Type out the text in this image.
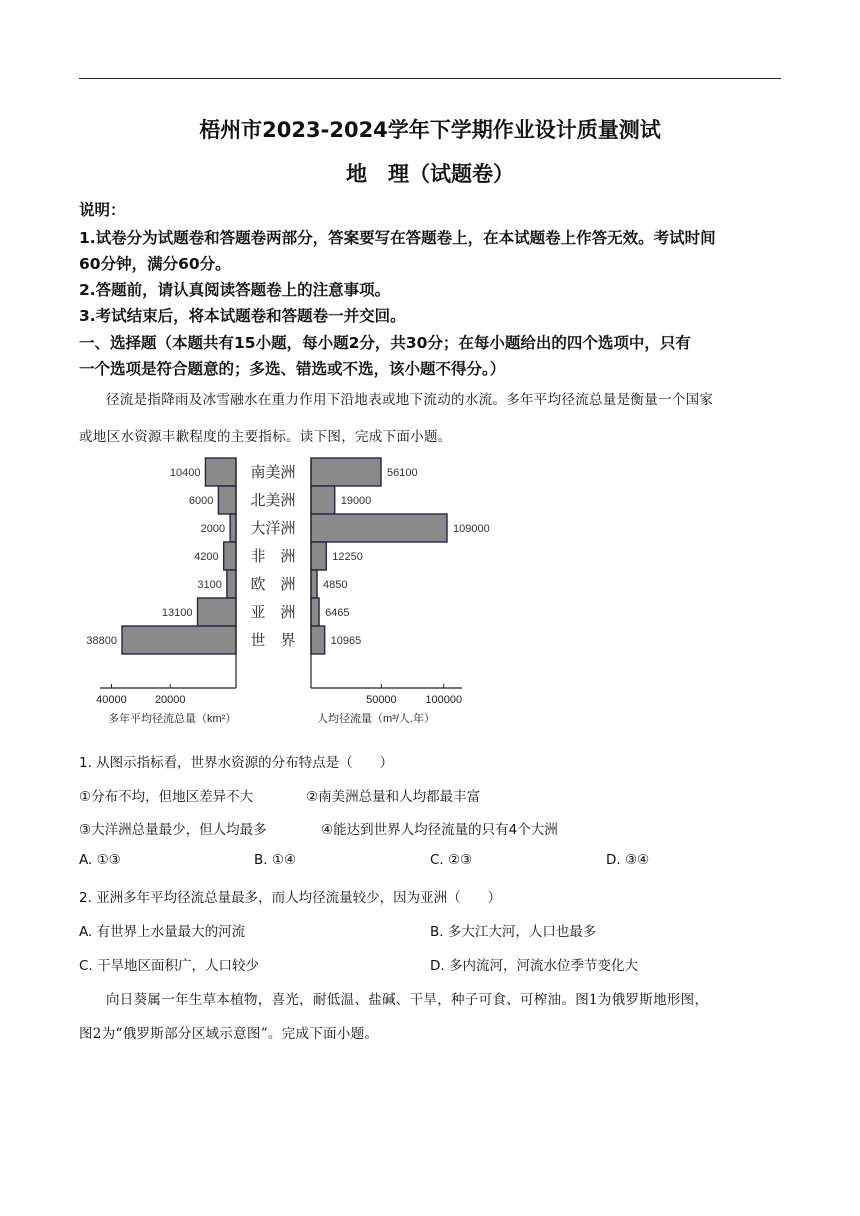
梧州市2023-2024学年下学期作业设计质量测试
地　理（试题卷）
说明：
1.试卷分为试题卷和答题卷两部分，答案要写在答题卷上，在本试题卷上作答无效。考试时间
60分钟，满分60分。
2.答题前，请认真阅读答题卷上的注意事项。
3.考试结束后，将本试题卷和答题卷一并交回。
一、选择题（本题共有15小题，每小题2分，共30分；在每小题给出的四个选项中，只有
一个选项是符合题意的；多选、错选或不选，该小题不得分。）
径流是指降雨及冰雪融水在重力作用下沿地表或地下流动的水流。多年平均径流总量是衡量一个国家
或地区水资源丰歉程度的主要指标。读下图，完成下面小题。
10400
6000
2000
4200
3100
13100
38800
56100
19000
109000
12250
4850
6465
10965
南美洲
北美洲
大洋洲
非　洲
欧　洲
亚　洲
世　界
40000	20000	50000	100000
多年平均径流总量（km²）	人均径流量（m³/人.年）
1. 从图示指标看，世界水资源的分布特点是（　　）
①分布不均，但地区差异不大	②南美洲总量和人均都最丰富
③大洋洲总量最少，但人均最多	④能达到世界人均径流量的只有4个大洲
A. ①③	B. ①④	C. ②③	D. ③④
2. 亚洲多年平均径流总量最多，而人均径流量较少，因为亚洲（　　）
A. 有世界上水量最大的河流	B. 多大江大河，人口也最多
C. 干旱地区面积广，人口较少	D. 多内流河，河流水位季节变化大
向日葵属一年生草本植物，喜光，耐低温、盐碱、干旱，种子可食、可榨油。图1为俄罗斯地形图，
图2为“俄罗斯部分区域示意图”。完成下面小题。
